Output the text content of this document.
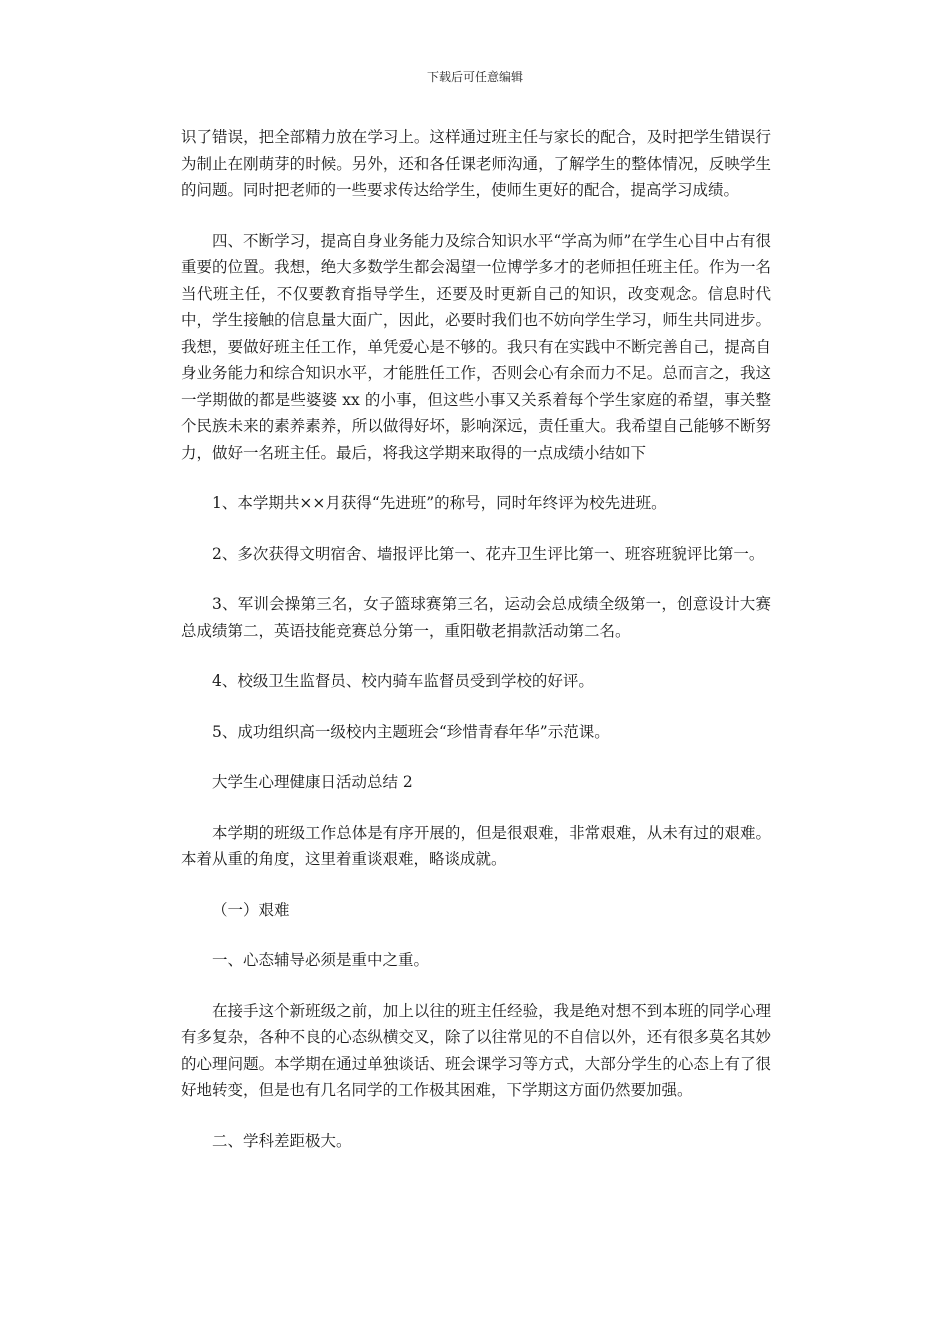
下载后可任意编辑

识了错误，把全部精力放在学习上。这样通过班主任与家长的配合，及时把学生错误行为制止在刚萌芽的时候。另外，还和各任课老师沟通，了解学生的整体情况，反映学生的问题。同时把老师的一些要求传达给学生，使师生更好的配合，提高学习成绩。

四、不断学习，提高自身业务能力及综合知识水平“学高为师”在学生心目中占有很重要的位置。我想，绝大多数学生都会渴望一位博学多才的老师担任班主任。作为一名当代班主任，不仅要教育指导学生，还要及时更新自己的知识，改变观念。信息时代中，学生接触的信息量大面广，因此，必要时我们也不妨向学生学习，师生共同进步。我想，要做好班主任工作，单凭爱心是不够的。我只有在实践中不断完善自己，提高自身业务能力和综合知识水平，才能胜任工作，否则会心有余而力不足。总而言之，我这一学期做的都是些婆婆 xx 的小事，但这些小事又关系着每个学生家庭的希望，事关整个民族未来的素养素养，所以做得好坏，影响深远，责任重大。我希望自己能够不断努力，做好一名班主任。最后，将我这学期来取得的一点成绩小结如下

1、本学期共××月获得“先进班”的称号，同时年终评为校先进班。

2、多次获得文明宿舍、墙报评比第一、花卉卫生评比第一、班容班貌评比第一。

3、军训会操第三名，女子篮球赛第三名，运动会总成绩全级第一，创意设计大赛总成绩第二，英语技能竞赛总分第一，重阳敬老捐款活动第二名。

4、校级卫生监督员、校内骑车监督员受到学校的好评。

5、成功组织高一级校内主题班会“珍惜青春年华”示范课。

大学生心理健康日活动总结 2

本学期的班级工作总体是有序开展的，但是很艰难，非常艰难，从未有过的艰难。本着从重的角度，这里着重谈艰难，略谈成就。

（一）艰难

一、心态辅导必须是重中之重。

在接手这个新班级之前，加上以往的班主任经验，我是绝对想不到本班的同学心理有多复杂，各种不良的心态纵横交叉，除了以往常见的不自信以外，还有很多莫名其妙的心理问题。本学期在通过单独谈话、班会课学习等方式，大部分学生的心态上有了很好地转变，但是也有几名同学的工作极其困难，下学期这方面仍然要加强。

二、学科差距极大。
